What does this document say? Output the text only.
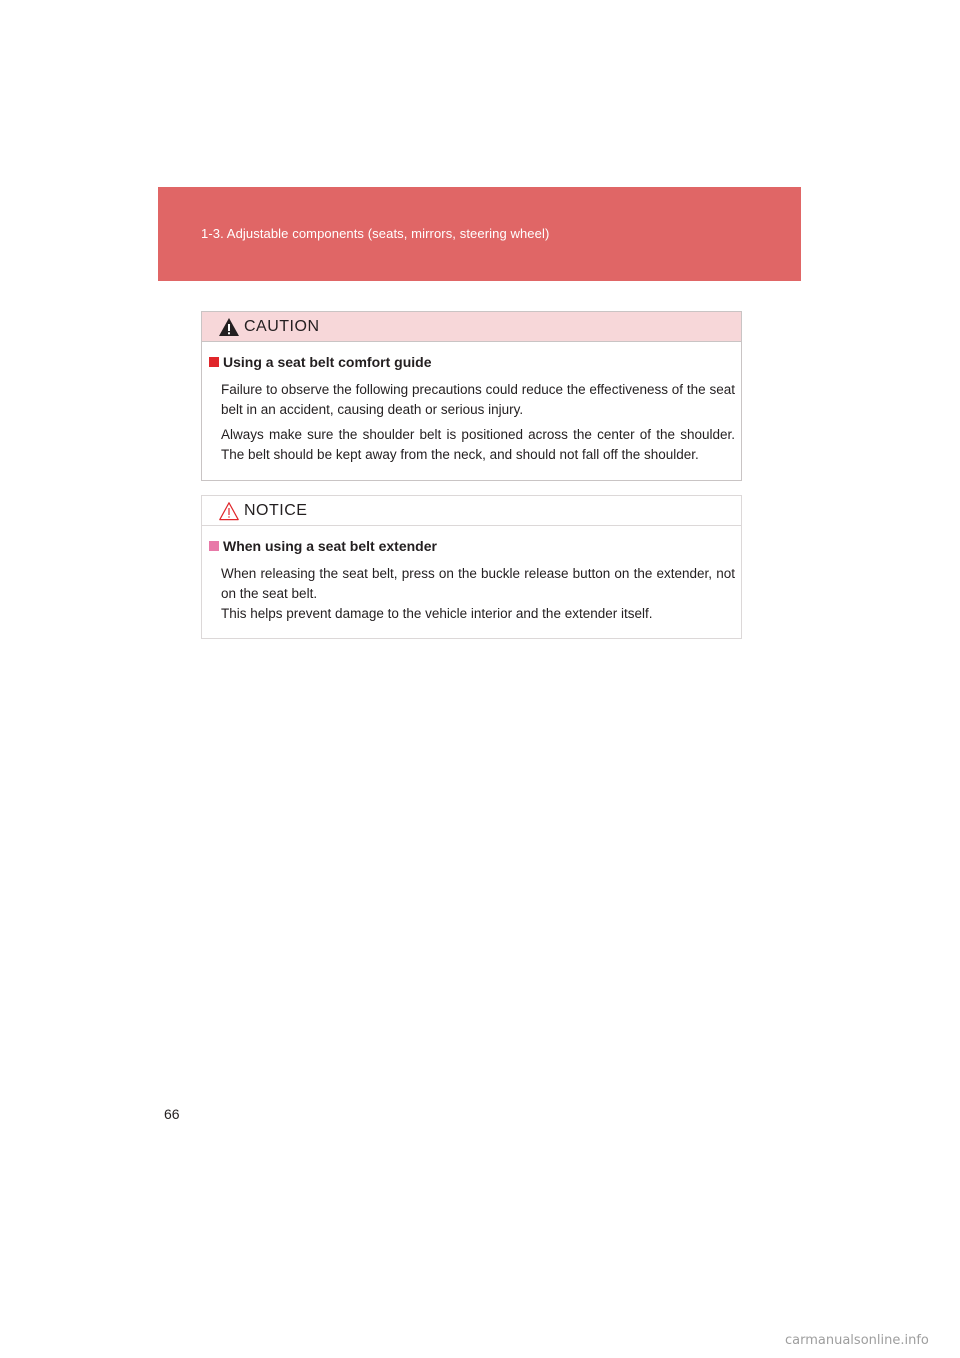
1-3. Adjustable components (seats, mirrors, steering wheel)
CAUTION
Using a seat belt comfort guide
Failure to observe the following precautions could reduce the effectiveness of the seat belt in an accident, causing death or serious injury.
Always make sure the shoulder belt is positioned across the center of the shoulder. The belt should be kept away from the neck, and should not fall off the shoulder.
NOTICE
When using a seat belt extender
When releasing the seat belt, press on the buckle release button on the extender, not on the seat belt.
This helps prevent damage to the vehicle interior and the extender itself.
66
carmanualsonline.info
